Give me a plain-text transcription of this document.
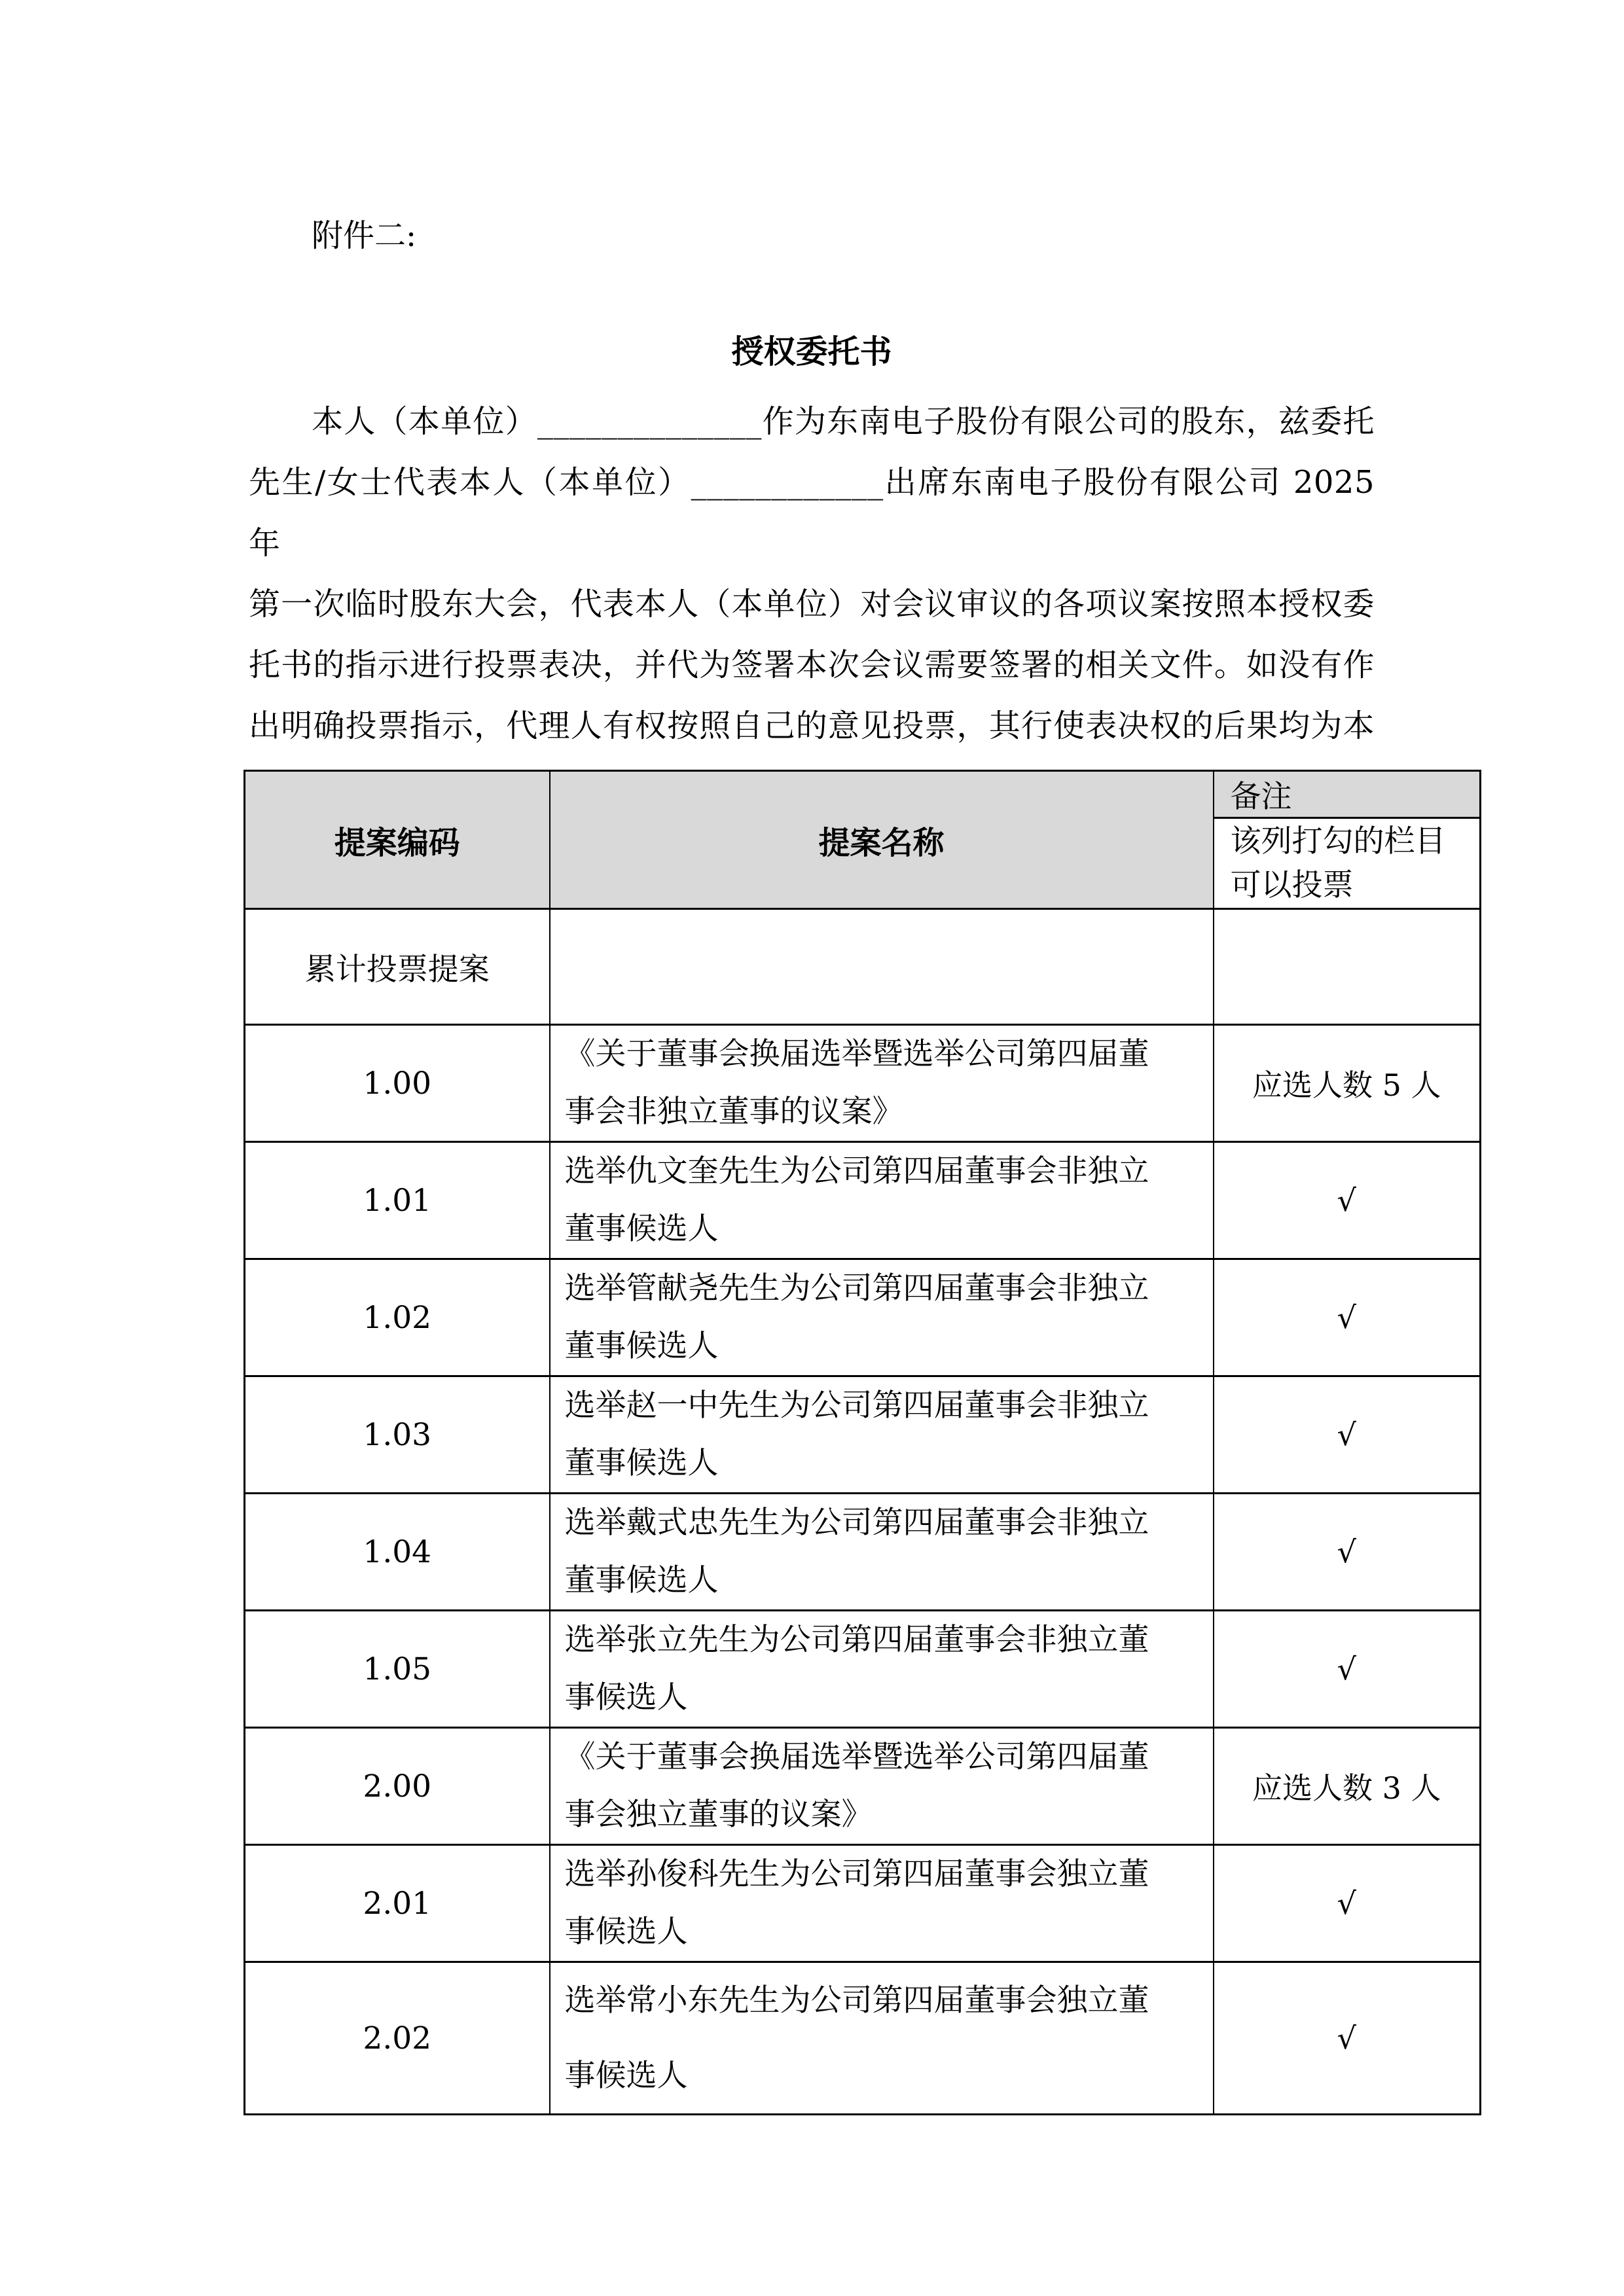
附件二:
授权委托书
本人（本单位）______________作为东南电子股份有限公司的股东，兹委托
先生/女士代表本人（本单位）____________出席东南电子股份有限公司 2025 年
第一次临时股东大会，代表本人（本单位）对会议审议的各项议案按照本授权委
托书的指示进行投票表决，并代为签署本次会议需要签署的相关文件。如没有作
出明确投票指示，代理人有权按照自己的意见投票，其行使表决权的后果均为本
提案编码	提案名称	备注
		该列打勾的栏目可以投票
累计投票提案		
1.00	《关于董事会换届选举暨选举公司第四届董事会非独立董事的议案》	应选人数 5 人
1.01	选举仇文奎先生为公司第四届董事会非独立董事候选人	√
1.02	选举管献尧先生为公司第四届董事会非独立董事候选人	√
1.03	选举赵一中先生为公司第四届董事会非独立董事候选人	√
1.04	选举戴式忠先生为公司第四届董事会非独立董事候选人	√
1.05	选举张立先生为公司第四届董事会非独立董事候选人	√
2.00	《关于董事会换届选举暨选举公司第四届董事会独立董事的议案》	应选人数 3 人
2.01	选举孙俊科先生为公司第四届董事会独立董事候选人	√
2.02	选举常小东先生为公司第四届董事会独立董事候选人	√
